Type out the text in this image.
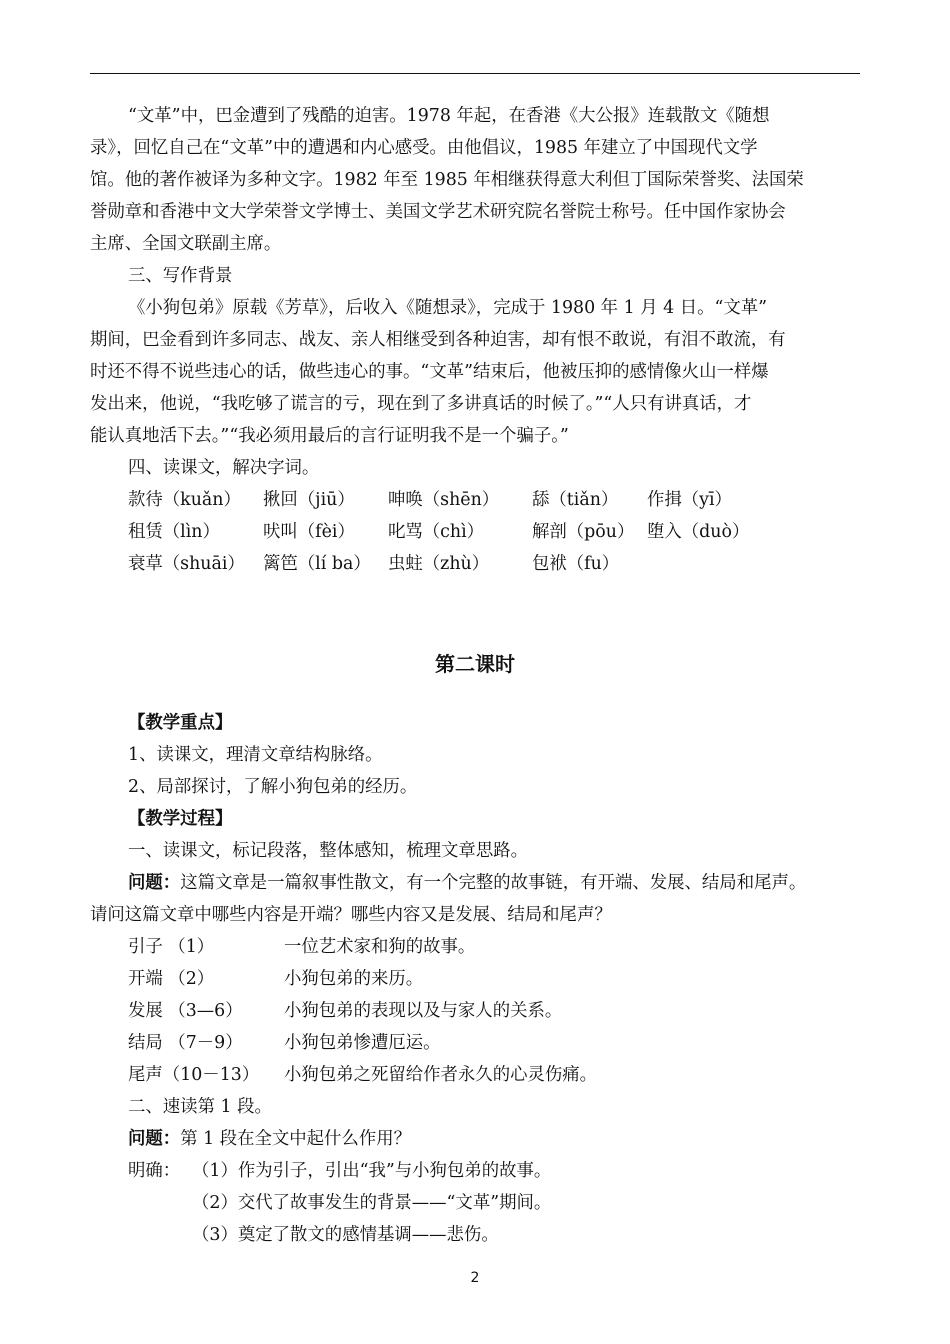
“文革”中，巴金遭到了残酷的迫害。1978 年起，在香港《大公报》连载散文《随想
录》，回忆自己在“文革”中的遭遇和内心感受。由他倡议，1985 年建立了中国现代文学
馆。他的著作被译为多种文字。1982 年至 1985 年相继获得意大利但丁国际荣誉奖、法国荣
誉勋章和香港中文大学荣誉文学博士、美国文学艺术研究院名誉院士称号。任中国作家协会
主席、全国文联副主席。
三、写作背景
《小狗包弟》原载《芳草》，后收入《随想录》，完成于 1980 年 1 月 4 日。“文革”
期间，巴金看到许多同志、战友、亲人相继受到各种迫害，却有恨不敢说，有泪不敢流，有
时还不得不说些违心的话，做些违心的事。“文革”结束后，他被压抑的感情像火山一样爆
发出来，他说，“我吃够了谎言的亏，现在到了多讲真话的时候了。”“人只有讲真话，才
能认真地活下去。”“我必须用最后的言行证明我不是一个骗子。”
四、读课文，解决字词。
款待（kuǎn） 揪回（jiū） 呻唤（shēn） 舔（tiǎn） 作揖（yī）
租赁（lìn） 吠叫（fèi） 叱骂（chì）	解剖（pōu） 堕入（duò）
衰草（shuāi） 篱笆（lí ba） 虫蛀（zhù） 包袱（fu）
第二课时
【教学重点】
1、读课文，理清文章结构脉络。
2、局部探讨，了解小狗包弟的经历。
【教学过程】
一、读课文，标记段落，整体感知，梳理文章思路。
问题：这篇文章是一篇叙事性散文，有一个完整的故事链，有开端、发展、结局和尾声。
请问这篇文章中哪些内容是开端？哪些内容又是发展、结局和尾声？
引子 （1）	一位艺术家和狗的故事。
开端 （2）	小狗包弟的来历。
发展 （3—6） 小狗包弟的表现以及与家人的关系。
结局 （7－9） 小狗包弟惨遭厄运。
尾声（10－13） 小狗包弟之死留给作者永久的心灵伤痛。
二、速读第 1 段。
问题：第 1 段在全文中起什么作用？
明确： （1）作为引子，引出“我”与小狗包弟的故事。
（2）交代了故事发生的背景——“文革”期间。
（3）奠定了散文的感情基调——悲伤。
2
